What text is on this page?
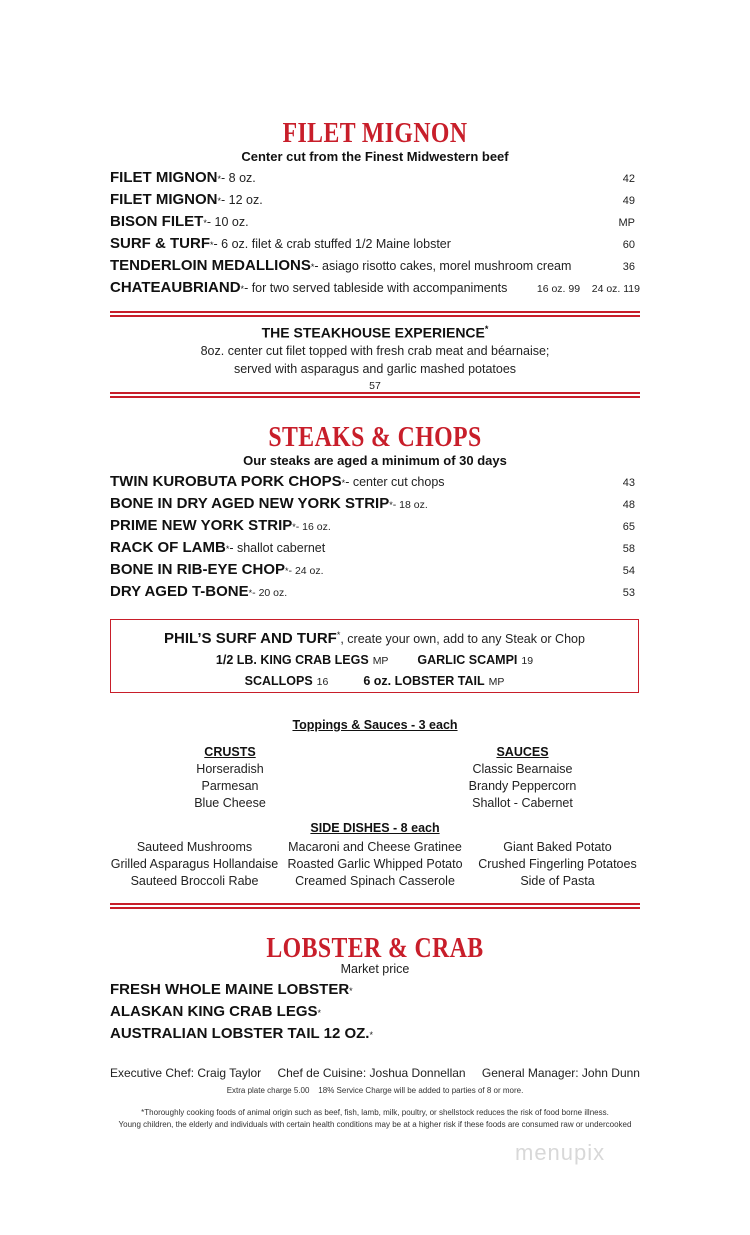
FILET MIGNON
Center cut from the Finest Midwestern beef
FILET MIGNON * - 8 oz.	42
FILET MIGNON * - 12 oz.	49
BISON FILET * - 10 oz.	MP
SURF & TURF * - 6 oz. filet & crab stuffed 1/2 Maine lobster	60
TENDERLOIN MEDALLIONS * - asiago risotto cakes, morel mushroom cream	36
CHATEAUBRIAND * - for two served tableside with accompaniments	16 oz. 99    24 oz. 119
THE STEAKHOUSE EXPERIENCE*
8oz. center cut filet topped with fresh crab meat and béarnaise;
served with asparagus and garlic mashed potatoes
57
STEAKS & CHOPS
Our steaks are aged a minimum of 30 days
TWIN KUROBUTA PORK CHOPS * - center cut chops	43
BONE IN DRY AGED NEW YORK STRIP * - 18 oz.	48
PRIME NEW YORK STRIP * - 16 oz.	65
RACK OF LAMB * - shallot cabernet	58
BONE IN RIB-EYE CHOP * - 24 oz.	54
DRY AGED T-BONE * - 20 oz.	53
PHIL’S SURF AND TURF*, create your own, add to any Steak or Chop
1/2 LB. KING CRAB LEGS MP GARLIC SCAMPI 19
SCALLOPS 16	6 oz. LOBSTER TAIL MP
Toppings & Sauces - 3 each
CRUSTS
Horseradish
Parmesan
Blue Cheese
SAUCES
Classic Bearnaise
Brandy Peppercorn
Shallot - Cabernet
SIDE DISHES - 8 each
Sauteed Mushrooms
Grilled Asparagus Hollandaise
Sauteed Broccoli Rabe
Macaroni and Cheese Gratinee
Roasted Garlic Whipped Potato
Creamed Spinach Casserole
Giant Baked Potato
Crushed Fingerling Potatoes
Side of Pasta
LOBSTER & CRAB
Market price
FRESH WHOLE MAINE LOBSTER *
ALASKAN KING CRAB LEGS *
AUSTRALIAN LOBSTER TAIL 12 OZ. *
Executive Chef: Craig Taylor Chef de Cuisine: Joshua Donnellan General Manager: John Dunn
Extra plate charge 5.00    18% Service Charge will be added to parties of 8 or more.
*Thoroughly cooking foods of animal origin such as beef, fish, lamb, milk, poultry, or shellstock reduces the risk of food borne illness.
Young children, the elderly and individuals with certain health conditions may be at a higher risk if these foods are consumed raw or undercooked
menupix
